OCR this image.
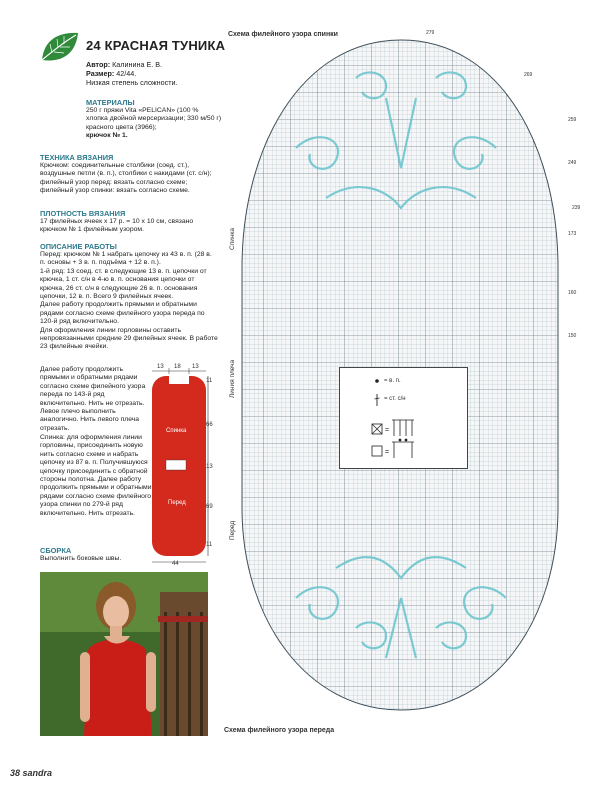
24 КРАСНАЯ ТУНИКА
Автор: Калинина Е. В.
Размер: 42/44.
Низкая степень сложности.
МАТЕРИАЛЫ
250 г пряжи Vita «PELICAN» (100 % хлопка двойной мерсеризации; 330 м/50 г) красного цвета (3966);
крючок № 1.
ТЕХНИКА ВЯЗАНИЯ
Крючком: соединительные столбики (соед. ст.), воздушные петли (в. п.), столбики с накидами (ст. с/н); филейный узор перед: вязать согласно схеме; филейный узор спинки: вязать согласно схеме.
ПЛОТНОСТЬ ВЯЗАНИЯ
17 филейных ячеек x 17 р. = 10 x 10 см, связано крючком № 1 филейным узором.
ОПИСАНИЕ РАБОТЫ
Перед: крючком № 1 набрать цепочку из 43 в. п. (28 в. п. основы + 3 в. п. подъёма + 12 в. п.).
1-й ряд: 13 соед. ст. в следующие 13 в. п. цепочки от крючка, 1 ст. с/н в 4-ю в. п. основания цепочки от крючка, 26 ст. с/н в следующие 26 в. п. основания цепочки, 12 в. п. Всего 9 филейных ячеек.
Далее работу продолжить прямыми и обратными рядами согласно схеме филейного узора переда по 120-й ряд включительно.
Для оформления линии горловины оставить непровязанными средние 29 филейных ячеек. В работе 23 филейные ячейки.
Далее работу продолжить прямыми и обратными рядами согласно схеме филейного узора переда по 143-й ряд включительно. Нить не отрезать. Левое плечо выполнить аналогично. Нить левого плеча отрезать.
Спинка: для оформления линии горловины, присоединить новую нить согласно схеме и набрать цепочку из 87 в. п. Получившуюся цепочку присоединить с обратной стороны полотна. Далее работу продолжить прямыми и обратными рядами согласно схеме филейного узора спинки по 279-й ряд включительно. Нить отрезать.
СБОРКА
Выполнить боковые швы.
13 18 13
44
11
66
13
69
11
Спинка
Перед
Схема филейного узора спинки
Схема филейного узора переда
279
269
259
249
239
173
160
150
Спинка
Линия плеча
Перед
=
=
= в. п.
= ст. с/н
38 sandra
